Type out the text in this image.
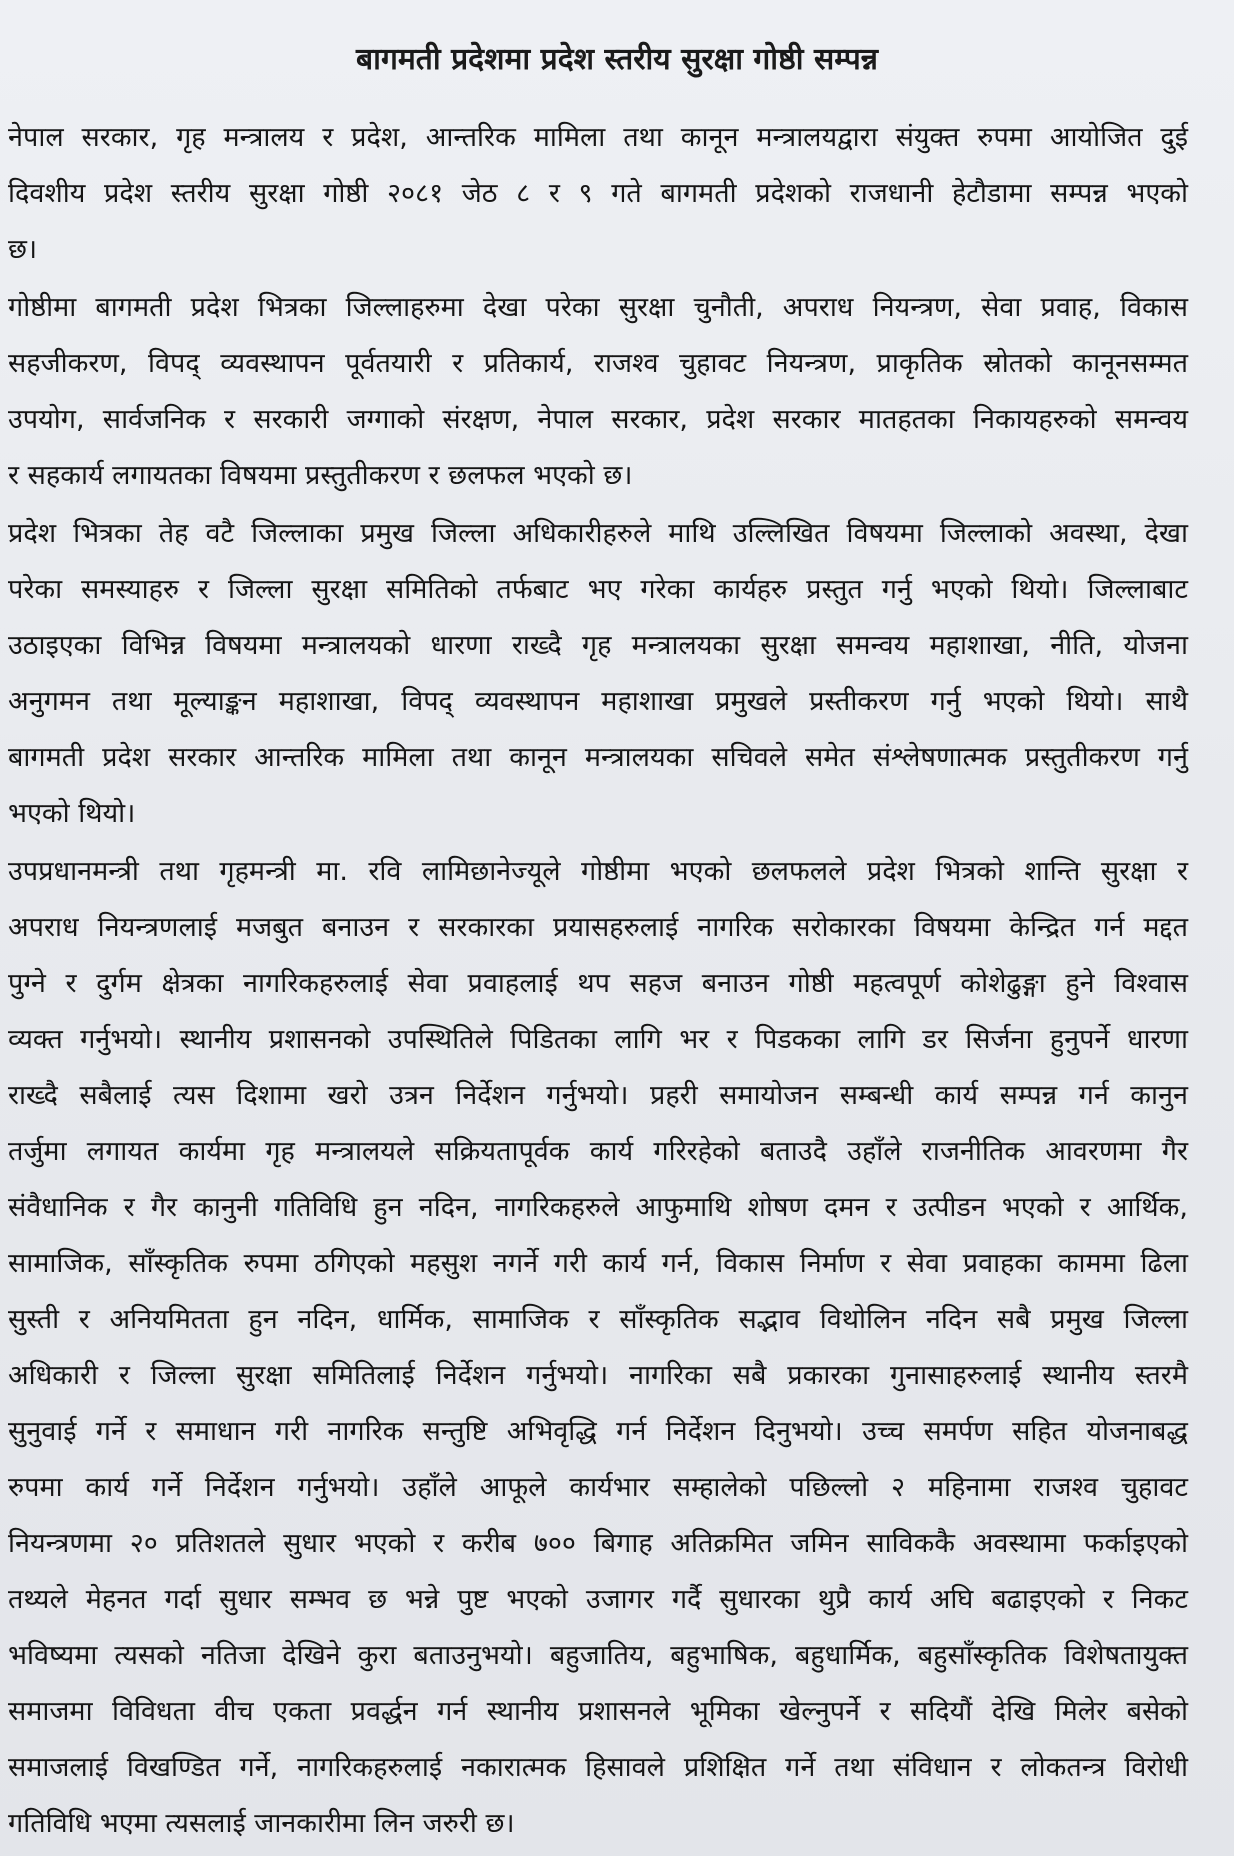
बागमती प्रदेशमा प्रदेश स्तरीय सुरक्षा गोष्ठी सम्पन्न

नेपाल सरकार, गृह मन्त्रालय र प्रदेश, आन्तरिक मामिला तथा कानून मन्त्रालयद्वारा संयुक्त रुपमा आयोजित दुई
दिवशीय प्रदेश स्तरीय सुरक्षा गोष्ठी २०८१ जेठ ८ र ९ गते बागमती प्रदेशको राजधानी हेटौडामा सम्पन्न भएको
छ।

गोष्ठीमा बागमती प्रदेश भित्रका जिल्लाहरुमा देखा परेका सुरक्षा चुनौती, अपराध नियन्त्रण, सेवा प्रवाह, विकास
सहजीकरण, विपद् व्यवस्थापन पूर्वतयारी र प्रतिकार्य, राजश्व चुहावट नियन्त्रण, प्राकृतिक स्रोतको कानूनसम्मत
उपयोग, सार्वजनिक र सरकारी जग्गाको संरक्षण, नेपाल सरकार, प्रदेश सरकार मातहतका निकायहरुको समन्वय
र सहकार्य लगायतका विषयमा प्रस्तुतीकरण र छलफल भएको छ।

प्रदेश भित्रका तेह वटै जिल्लाका प्रमुख जिल्ला अधिकारीहरुले माथि उल्लिखित विषयमा जिल्लाको अवस्था, देखा
परेका समस्याहरु र जिल्ला सुरक्षा समितिको तर्फबाट भए गरेका कार्यहरु प्रस्तुत गर्नु भएको थियो। जिल्लाबाट
उठाइएका विभिन्न विषयमा मन्त्रालयको धारणा राख्दै गृह मन्त्रालयका सुरक्षा समन्वय महाशाखा, नीति, योजना
अनुगमन तथा मूल्याङ्कन महाशाखा, विपद् व्यवस्थापन महाशाखा प्रमुखले प्रस्तीकरण गर्नु भएको थियो। साथै
बागमती प्रदेश सरकार आन्तरिक मामिला तथा कानून मन्त्रालयका सचिवले समेत संश्लेषणात्मक प्रस्तुतीकरण गर्नु
भएको थियो।

उपप्रधानमन्त्री तथा गृहमन्त्री मा. रवि लामिछानेज्यूले गोष्ठीमा भएको छलफलले प्रदेश भित्रको शान्ति सुरक्षा र
अपराध नियन्त्रणलाई मजबुत बनाउन र सरकारका प्रयासहरुलाई नागरिक सरोकारका विषयमा केन्द्रित गर्न मद्दत
पुग्ने र दुर्गम क्षेत्रका नागरिकहरुलाई सेवा प्रवाहलाई थप सहज बनाउन गोष्ठी महत्वपूर्ण कोशेढुङ्गा हुने विश्वास
व्यक्त गर्नुभयो। स्थानीय प्रशासनको उपस्थितिले पिडितका लागि भर र पिडकका लागि डर सिर्जना हुनुपर्ने धारणा
राख्दै सबैलाई त्यस दिशामा खरो उत्रन निर्देशन गर्नुभयो। प्रहरी समायोजन सम्बन्धी कार्य सम्पन्न गर्न कानुन
तर्जुमा लगायत कार्यमा गृह मन्त्रालयले सक्रियतापूर्वक कार्य गरिरहेको बताउदै उहाँले राजनीतिक आवरणमा गैर
संवैधानिक र गैर कानुनी गतिविधि हुन नदिन, नागरिकहरुले आफुमाथि शोषण दमन र उत्पीडन भएको र आर्थिक,
सामाजिक, साँस्कृतिक रुपमा ठगिएको महसुश नगर्ने गरी कार्य गर्न, विकास निर्माण र सेवा प्रवाहका काममा ढिला
सुस्ती र अनियमितता हुन नदिन, धार्मिक, सामाजिक र साँस्कृतिक सद्भाव विथोलिन नदिन सबै प्रमुख जिल्ला
अधिकारी र जिल्ला सुरक्षा समितिलाई निर्देशन गर्नुभयो। नागरिका सबै प्रकारका गुनासाहरुलाई स्थानीय स्तरमै
सुनुवाई गर्ने र समाधान गरी नागरिक सन्तुष्टि अभिवृद्धि गर्न निर्देशन दिनुभयो। उच्च समर्पण सहित योजनाबद्ध
रुपमा कार्य गर्ने निर्देशन गर्नुभयो। उहाँले आफूले कार्यभार सम्हालेको पछिल्लो २ महिनामा राजश्व चुहावट
नियन्त्रणमा २० प्रतिशतले सुधार भएको र करीब ७०० बिगाह अतिक्रमित जमिन साविककै अवस्थामा फर्काइएको
तथ्यले मेहनत गर्दा सुधार सम्भव छ भन्ने पुष्ट भएको उजागर गर्दै सुधारका थुप्रै कार्य अघि बढाइएको र निकट
भविष्यमा त्यसको नतिजा देखिने कुरा बताउनुभयो। बहुजातिय, बहुभाषिक, बहुधार्मिक, बहुसाँस्कृतिक विशेषतायुक्त
समाजमा विविधता वीच एकता प्रवर्द्धन गर्न स्थानीय प्रशासनले भूमिका खेल्नुपर्ने र सदियौं देखि मिलेर बसेको
समाजलाई विखण्डित गर्ने, नागरिकहरुलाई नकारात्मक हिसावले प्रशिक्षित गर्ने तथा संविधान र लोकतन्त्र विरोधी
गतिविधि भएमा त्यसलाई जानकारीमा लिन जरुरी छ।
